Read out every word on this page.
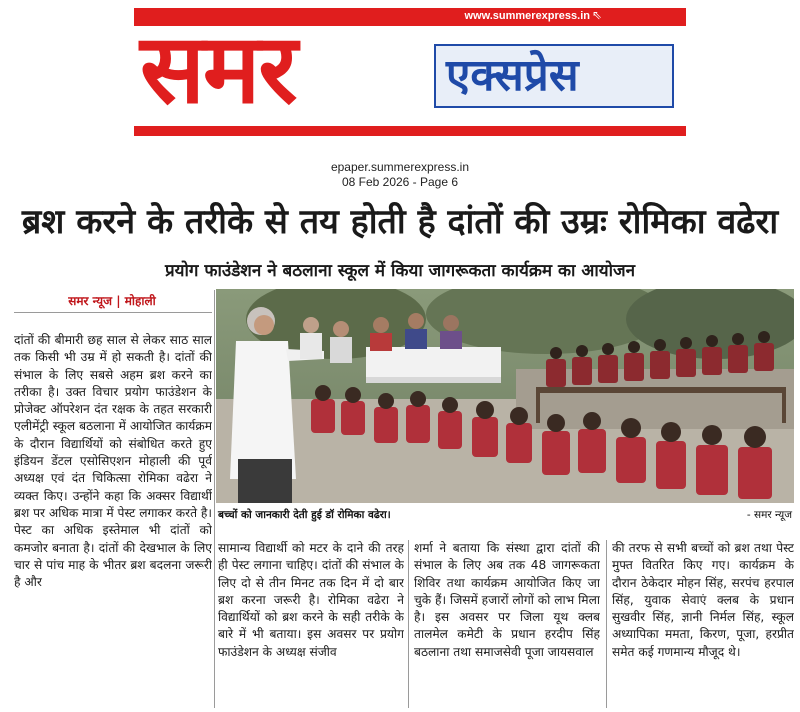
www.summerexpress.in ⇖
समर	एक्सप्रेस
epaper.summerexpress.in
08 Feb 2026 - Page 6
ब्रश करने के तरीके से तय होती है दांतों की उम्रः रोमिका वढेरा
प्रयोग फाउंडेशन ने बठलाना स्कूल में किया जागरूकता कार्यक्रम का आयोजन
समर न्यूज | मोहाली
बच्चों को जानकारी देती हुई डॉ रोमिका वढेरा।	- समर न्यूज
दांतों की बीमारी छह साल से लेकर साठ साल तक किसी भी उम्र में हो सकती है। दांतों की संभाल के लिए सबसे अहम ब्रश करने का तरीका है। उक्त विचार प्रयोग फाउंडेशन के प्रोजेक्ट ऑपरेशन दंत रक्षक के तहत सरकारी एलीमेंट्री स्कूल बठलाना में आयोजित कार्यक्रम के दौरान विद्यार्थियों को संबोधित करते हुए इंडियन डेंटल एसोसिएशन मोहाली की पूर्व अध्यक्ष एवं दंत चिकित्सा रोमिका वढेरा ने व्यक्त किए। उन्होंने कहा कि अक्सर विद्यार्थी ब्रश पर अधिक मात्रा में पेस्ट लगाकर करते है। पेस्ट का अधिक इस्तेमाल भी दांतों को कमजोर बनाता है। दांतों की देखभाल के लिए चार से पांच माह के भीतर ब्रश बदलना जरूरी है और
सामान्य विद्यार्थी को मटर के दाने की तरह ही पेस्ट लगाना चाहिए। दांतों की संभाल के लिए दो से तीन मिनट तक दिन में दो बार ब्रश करना जरूरी है। रोमिका वढेरा ने विद्यार्थियों को ब्रश करने के सही तरीके के बारे में भी बताया। इस अवसर पर प्रयोग फाउंडेशन के अध्यक्ष संजीव
शर्मा ने बताया कि संस्था द्वारा दांतों की संभाल के लिए अब तक 48 जागरूकता शिविर तथा कार्यक्रम आयोजित किए जा चुके हैं। जिसमें हजारों लोगों को लाभ मिला है। इस अवसर पर जिला यूथ क्लब तालमेल कमेटी के प्रधान हरदीप सिंह बठलाना तथा समाजसेवी पूजा जायसवाल
की तरफ से सभी बच्चों को ब्रश तथा पेस्ट मुफ्त वितरित किए गए। कार्यक्रम के दौरान ठेकेदार मोहन सिंह, सरपंच हरपाल सिंह, युवाक सेवाएं क्लब के प्रधान सुखवीर सिंह, ज्ञानी निर्मल सिंह, स्कूल अध्यापिका ममता, किरण, पूजा, हरप्रीत समेत कई गणमान्य मौजूद थे।
